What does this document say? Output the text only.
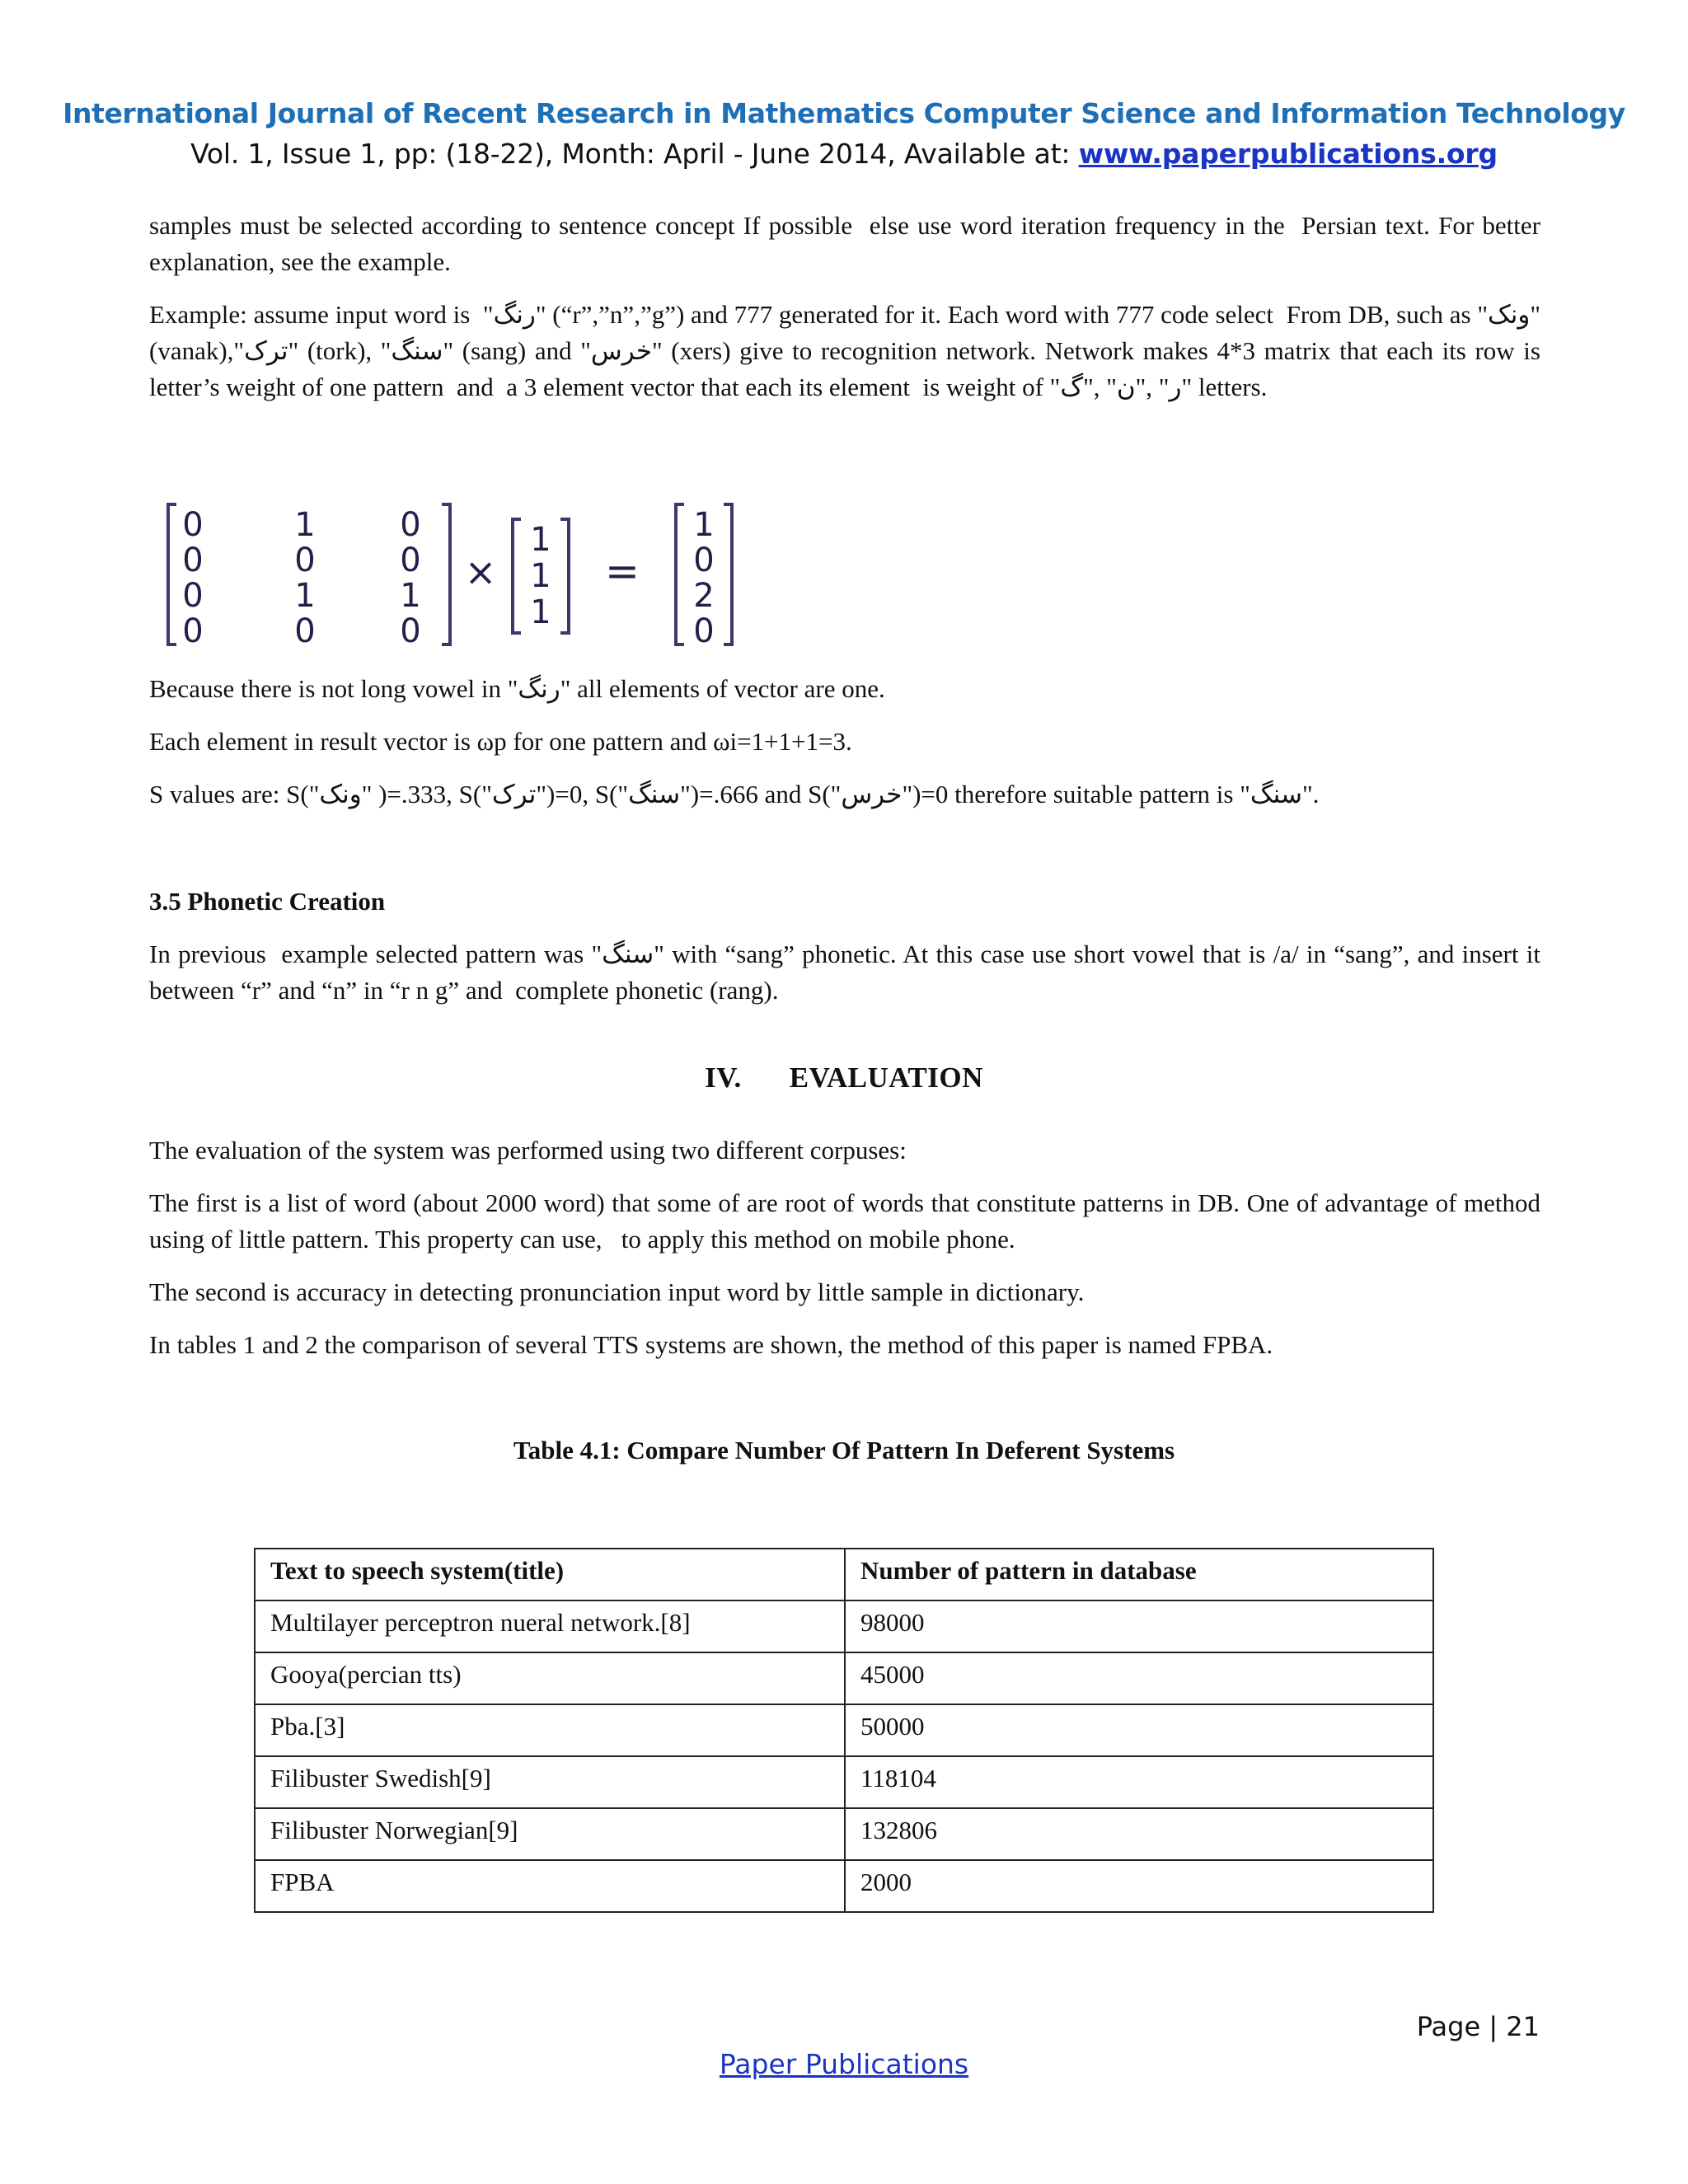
International Journal of Recent Research in Mathematics Computer Science and Information Technology
Vol. 1, Issue 1, pp: (18-22), Month: April - June 2014, Available at: www.paperpublications.org

samples must be selected according to sentence concept If possible  else use word iteration frequency in the  Persian text. For better explanation, see the example.

Example: assume input word is  "رنگ" (“r”,”n”,”g”) and 777 generated for it. Each word with 777 code select  From DB, such as "ونک" (vanak),"ترک" (tork), "سنگ" (sang) and "خرس" (xers) give to recognition network. Network makes 4*3 matrix that each its row is letter’s weight of one pattern  and  a 3 element vector that each its element  is weight of "ر" ,"ن" ,"گ" letters.

0	1	0
0	0	0
0	1	1
0	0	0
×
1
1
1
=
1
0
2
0

Because there is not long vowel in "رنگ" all elements of vector are one.

Each element in result vector is ωp for one pattern and ωi=1+1+1=3.

S values are: S("ونک" )=.333, S("ترک")=0, S("سنگ")=.666 and S("خرس")=0 therefore suitable pattern is "سنگ".

3.5 Phonetic Creation

In previous  example selected pattern was "سنگ" with “sang” phonetic. At this case use short vowel that is /a/ in “sang”, and insert it between “r” and “n” in “r n g” and  complete phonetic (rang).

IV. EVALUATION

The evaluation of the system was performed using two different corpuses:

The first is a list of word (about 2000 word) that some of are root of words that constitute patterns in DB. One of advantage of method using of little pattern. This property can use,   to apply this method on mobile phone.

The second is accuracy in detecting pronunciation input word by little sample in dictionary.

In tables 1 and 2 the comparison of several TTS systems are shown, the method of this paper is named FPBA.

Table 4.1: Compare Number Of Pattern In Deferent Systems
Text to speech system(title)	Number of pattern in database
Multilayer perceptron nueral network.[8]	98000
Gooya(percian tts)	45000
Pba.[3]	50000
Filibuster Swedish[9]	118104
Filibuster Norwegian[9]	132806
FPBA	2000
Page | 21
Paper Publications
